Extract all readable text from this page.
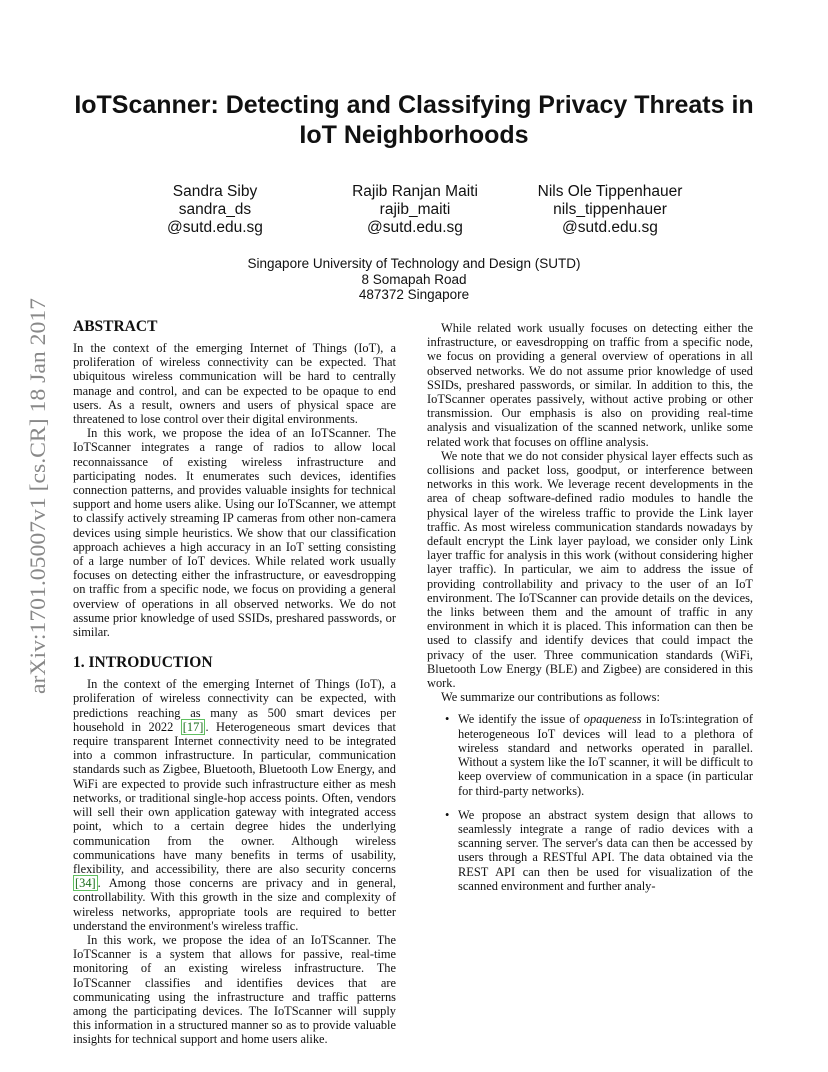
arXiv:1701.05007v1 [cs.CR] 18 Jan 2017
IoTScanner: Detecting and Classifying Privacy Threats in IoT Neighborhoods
Sandra Siby
sandra_ds
@sutd.edu.sg
Rajib Ranjan Maiti
rajib_maiti
@sutd.edu.sg
Nils Ole Tippenhauer
nils_tippenhauer
@sutd.edu.sg
Singapore University of Technology and Design (SUTD)
8 Somapah Road
487372 Singapore
ABSTRACT

In the context of the emerging Internet of Things (IoT), a proliferation of wireless connectivity can be expected. That ubiquitous wireless communication will be hard to centrally manage and control, and can be expected to be opaque to end users. As a result, owners and users of physical space are threatened to lose control over their digital environments.

In this work, we propose the idea of an IoTScanner. The IoTScanner integrates a range of radios to allow local reconnaissance of existing wireless infrastructure and participating nodes. It enumerates such devices, identifies connection patterns, and provides valuable insights for technical support and home users alike. Using our IoTScanner, we attempt to classify actively streaming IP cameras from other non-camera devices using simple heuristics. We show that our classification approach achieves a high accuracy in an IoT setting consisting of a large number of IoT devices. While related work usually focuses on detecting either the infrastructure, or eavesdropping on traffic from a specific node, we focus on providing a general overview of operations in all observed networks. We do not assume prior knowledge of used SSIDs, preshared passwords, or similar.

1. INTRODUCTION

In the context of the emerging Internet of Things (IoT), a proliferation of wireless connectivity can be expected, with predictions reaching as many as 500 smart devices per household in 2022 [17] . Heterogeneous smart devices that require transparent Internet connectivity need to be integrated into a common infrastructure. In particular, communication standards such as Zigbee, Bluetooth, Bluetooth Low Energy, and WiFi are expected to provide such infrastructure either as mesh networks, or traditional single-hop access points. Often, vendors will sell their own application gateway with integrated access point, which to a certain degree hides the underlying communication from the owner. Although wireless communications have many benefits in terms of usability, flexibility, and accessibility, there are also security concerns [34] . Among those concerns are privacy and in general, controllability. With this growth in the size and complexity of wireless networks, appropriate tools are required to better understand the environment's wireless traffic.

In this work, we propose the idea of an IoTScanner. The IoTScanner is a system that allows for passive, real-time monitoring of an existing wireless infrastructure. The IoTScanner classifies and identifies devices that are communicating using the infrastructure and traffic patterns among the participating devices. The IoTScanner will supply this information in a structured manner so as to provide valuable insights for technical support and home users alike.

While related work usually focuses on detecting either the infrastructure, or eavesdropping on traffic from a specific node, we focus on providing a general overview of operations in all observed networks. We do not assume prior knowledge of used SSIDs, preshared passwords, or similar. In addition to this, the IoTScanner operates passively, without active probing or other transmission. Our emphasis is also on providing real-time analysis and visualization of the scanned network, unlike some related work that focuses on offline analysis.

We note that we do not consider physical layer effects such as collisions and packet loss, goodput, or interference between networks in this work. We leverage recent developments in the area of cheap software-defined radio modules to handle the physical layer of the wireless traffic to provide the Link layer traffic. As most wireless communication standards nowadays by default encrypt the Link layer payload, we consider only Link layer traffic for analysis in this work (without considering higher layer traffic). In particular, we aim to address the issue of providing controllability and privacy to the user of an IoT environment. The IoTScanner can provide details on the devices, the links between them and the amount of traffic in any environment in which it is placed. This information can then be used to classify and identify devices that could impact the privacy of the user. Three communication standards (WiFi, Bluetooth Low Energy (BLE) and Zigbee) are considered in this work.

We summarize our contributions as follows:

• We identify the issue of opaqueness in IoTs:integration of heterogeneous IoT devices will lead to a plethora of wireless standard and networks operated in parallel. Without a system like the IoT scanner, it will be difficult to keep overview of communication in a space (in particular for third-party networks).
• We propose an abstract system design that allows to seamlessly integrate a range of radio devices with a scanning server. The server's data can then be accessed by users through a RESTful API. The data obtained via the REST API can then be used for visualization of the scanned environment and further analy-
